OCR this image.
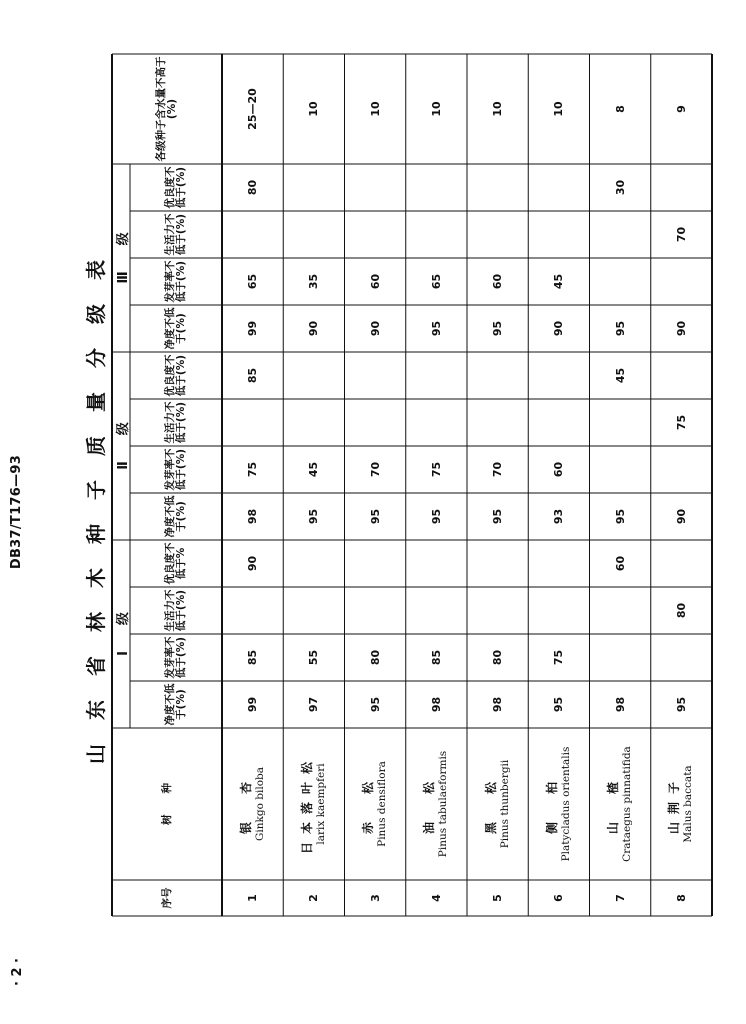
DB37/T176—93	山东省林木种子质量分级表
· 2 ·
序号
树　　种
各级种子含水量不高于(%)
Ⅰ　　级
净度不低于(%)
发芽率不低于(%)
生活力不低于(%)
优良度不低于%
Ⅱ　　级
净度不低于(%)
发芽率不低于(%)
生活力不低于(%)
优良度不低于(%)
Ⅲ　　级
净度不低于(%)
发芽率不低于(%)
生活力不低于(%)
优良度不低于(%)
1
银　杏 Ginkgo biloba
99
85
90
98
75
85
99
65
80
25—20
2
日本落叶松 larix kaempferi
97
55
95
45
90
35
10
3
赤　松 Pinus densiflora
95
80
95
70
90
60
10
4
油　松 Pinus tabulaeformis
98
85
95
75
95
65
10
5
黑　松 Pinus thunbergii
98
80
95
70
95
60
10
6
侧　柏 Platycladus orientalis
95
75
93
60
90
45
10
7
山　楂 Crataegus pinnatifida
98
60
95
45
95
30
8
8
山荆子 Malus baccata
95
80
90
75
90
70
9
